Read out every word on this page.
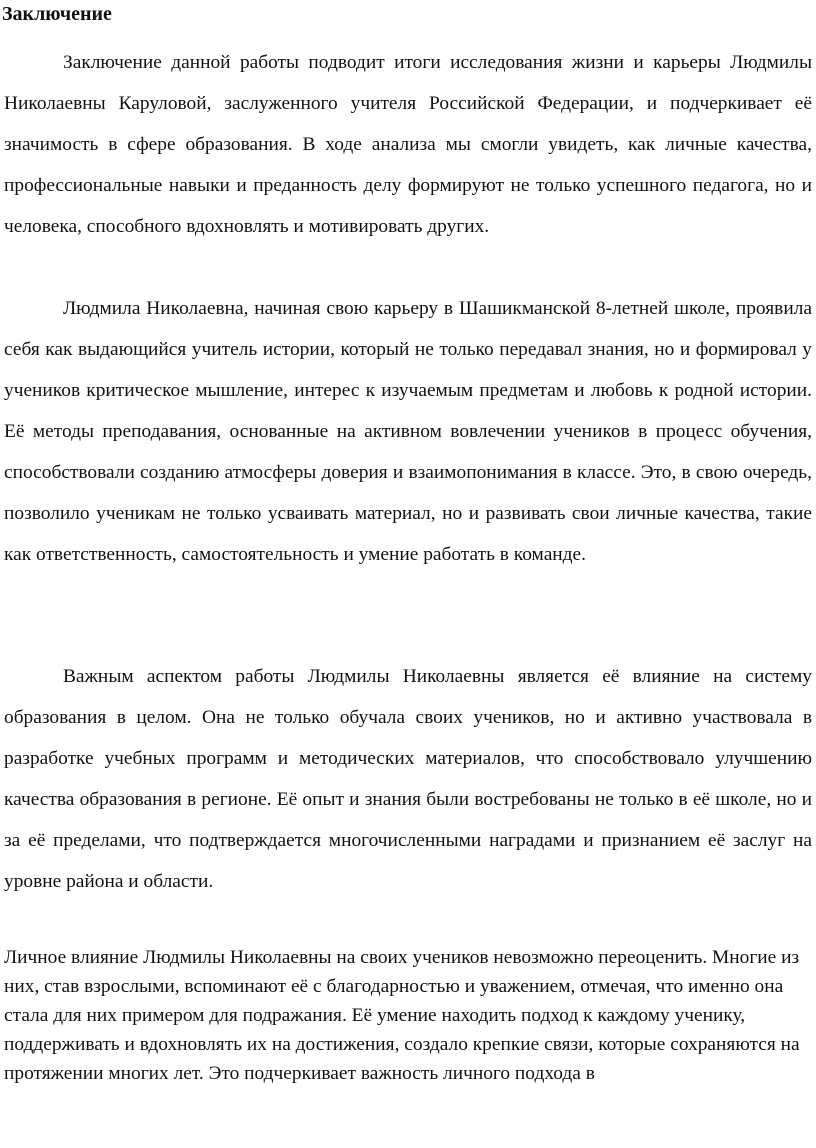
Заключение

Заключение данной работы подводит итоги исследования жизни и карьеры Людмилы Николаевны Каруловой, заслуженного учителя Российской Федерации, и подчеркивает её значимость в сфере образования. В ходе анализа мы смогли увидеть, как личные качества, профессиональные навыки и преданность делу формируют не только успешного педагога, но и человека, способного вдохновлять и мотивировать других.

Людмила Николаевна, начиная свою карьеру в Шашикманской 8-летней школе, проявила себя как выдающийся учитель истории, который не только передавал знания, но и формировал у учеников критическое мышление, интерес к изучаемым предметам и любовь к родной истории. Её методы преподавания, основанные на активном вовлечении учеников в процесс обучения, способствовали созданию атмосферы доверия и взаимопонимания в классе. Это, в свою очередь, позволило ученикам не только усваивать материал, но и развивать свои личные качества, такие как ответственность, самостоятельность и умение работать в команде.

Важным аспектом работы Людмилы Николаевны является её влияние на систему образования в целом. Она не только обучала своих учеников, но и активно участвовала в разработке учебных программ и методических материалов, что способствовало улучшению качества образования в регионе. Её опыт и знания были востребованы не только в её школе, но и за её пределами, что подтверждается многочисленными наградами и признанием её заслуг на уровне района и области.

Личное влияние Людмилы Николаевны на своих учеников невозможно переоценить. Многие из них, став взрослыми, вспоминают её с благодарностью и уважением, отмечая, что именно она стала для них примером для подражания. Её умение находить подход к каждому ученику, поддерживать и вдохновлять их на достижения, создало крепкие связи, которые сохраняются на протяжении многих лет. Это подчеркивает важность личного подхода в
